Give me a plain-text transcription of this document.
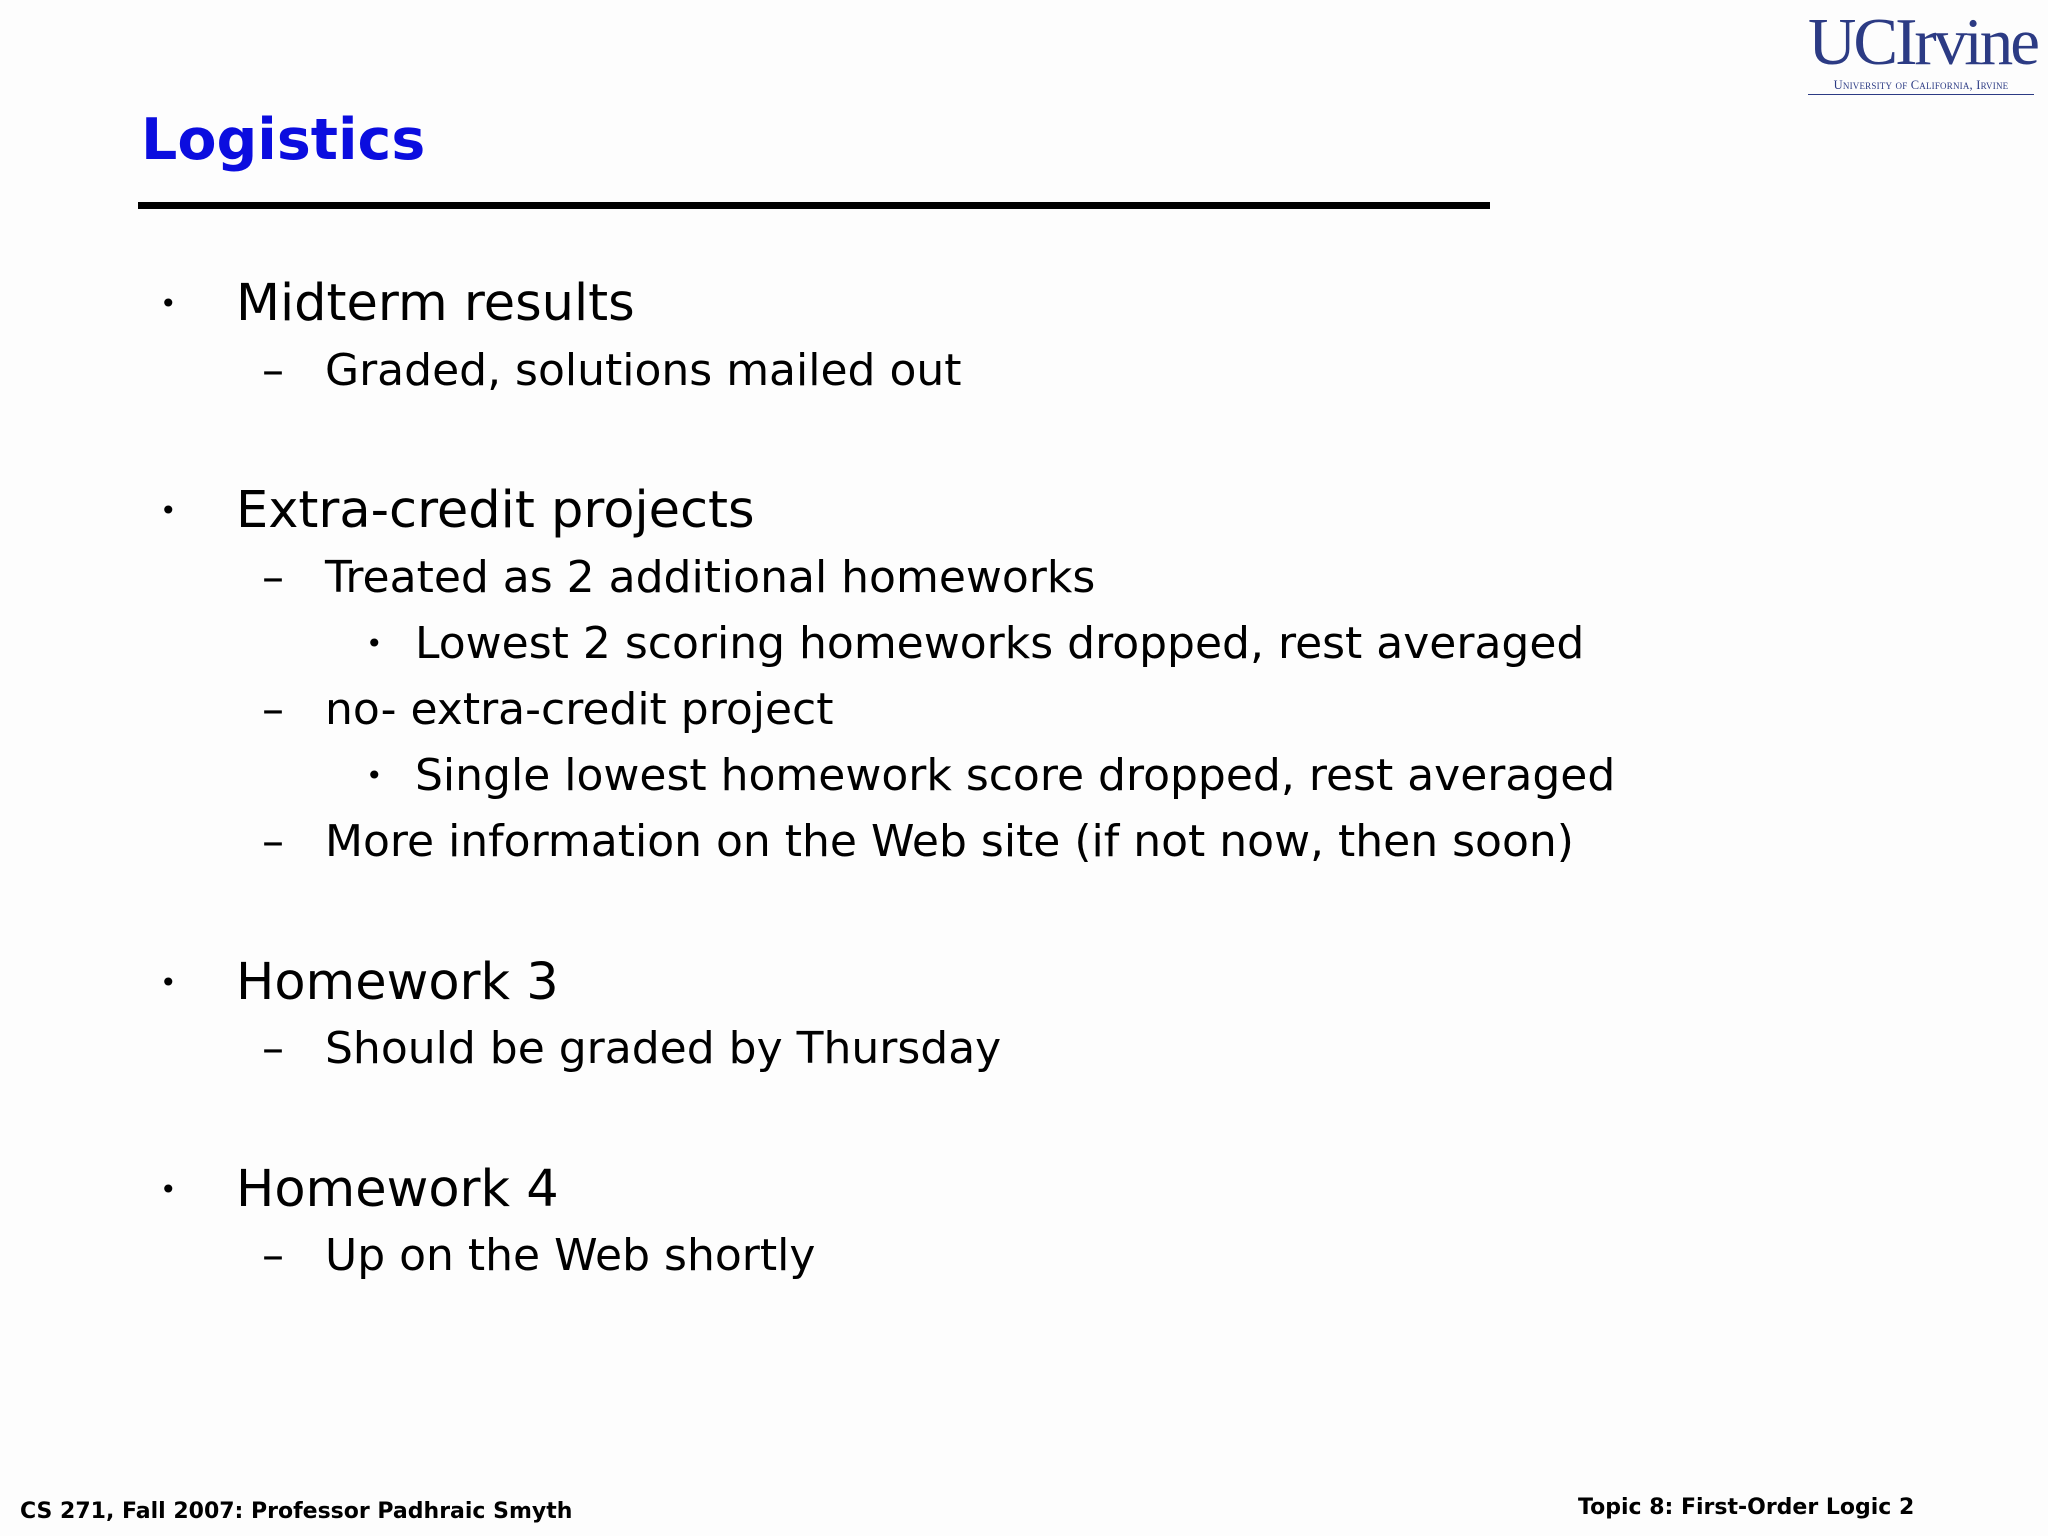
UCIrvine
University of California, Irvine
Logistics
• Midterm results
– Graded, solutions mailed out
• Extra-credit projects
– Treated as 2 additional homeworks
• Lowest 2 scoring homeworks dropped, rest averaged
– no- extra-credit project
• Single lowest homework score dropped, rest averaged
– More information on the Web site (if not now, then soon)
• Homework 3
– Should be graded by Thursday
• Homework 4
– Up on the Web shortly
CS 271, Fall 2007: Professor Padhraic Smyth	Topic 8: First-Order Logic 2
